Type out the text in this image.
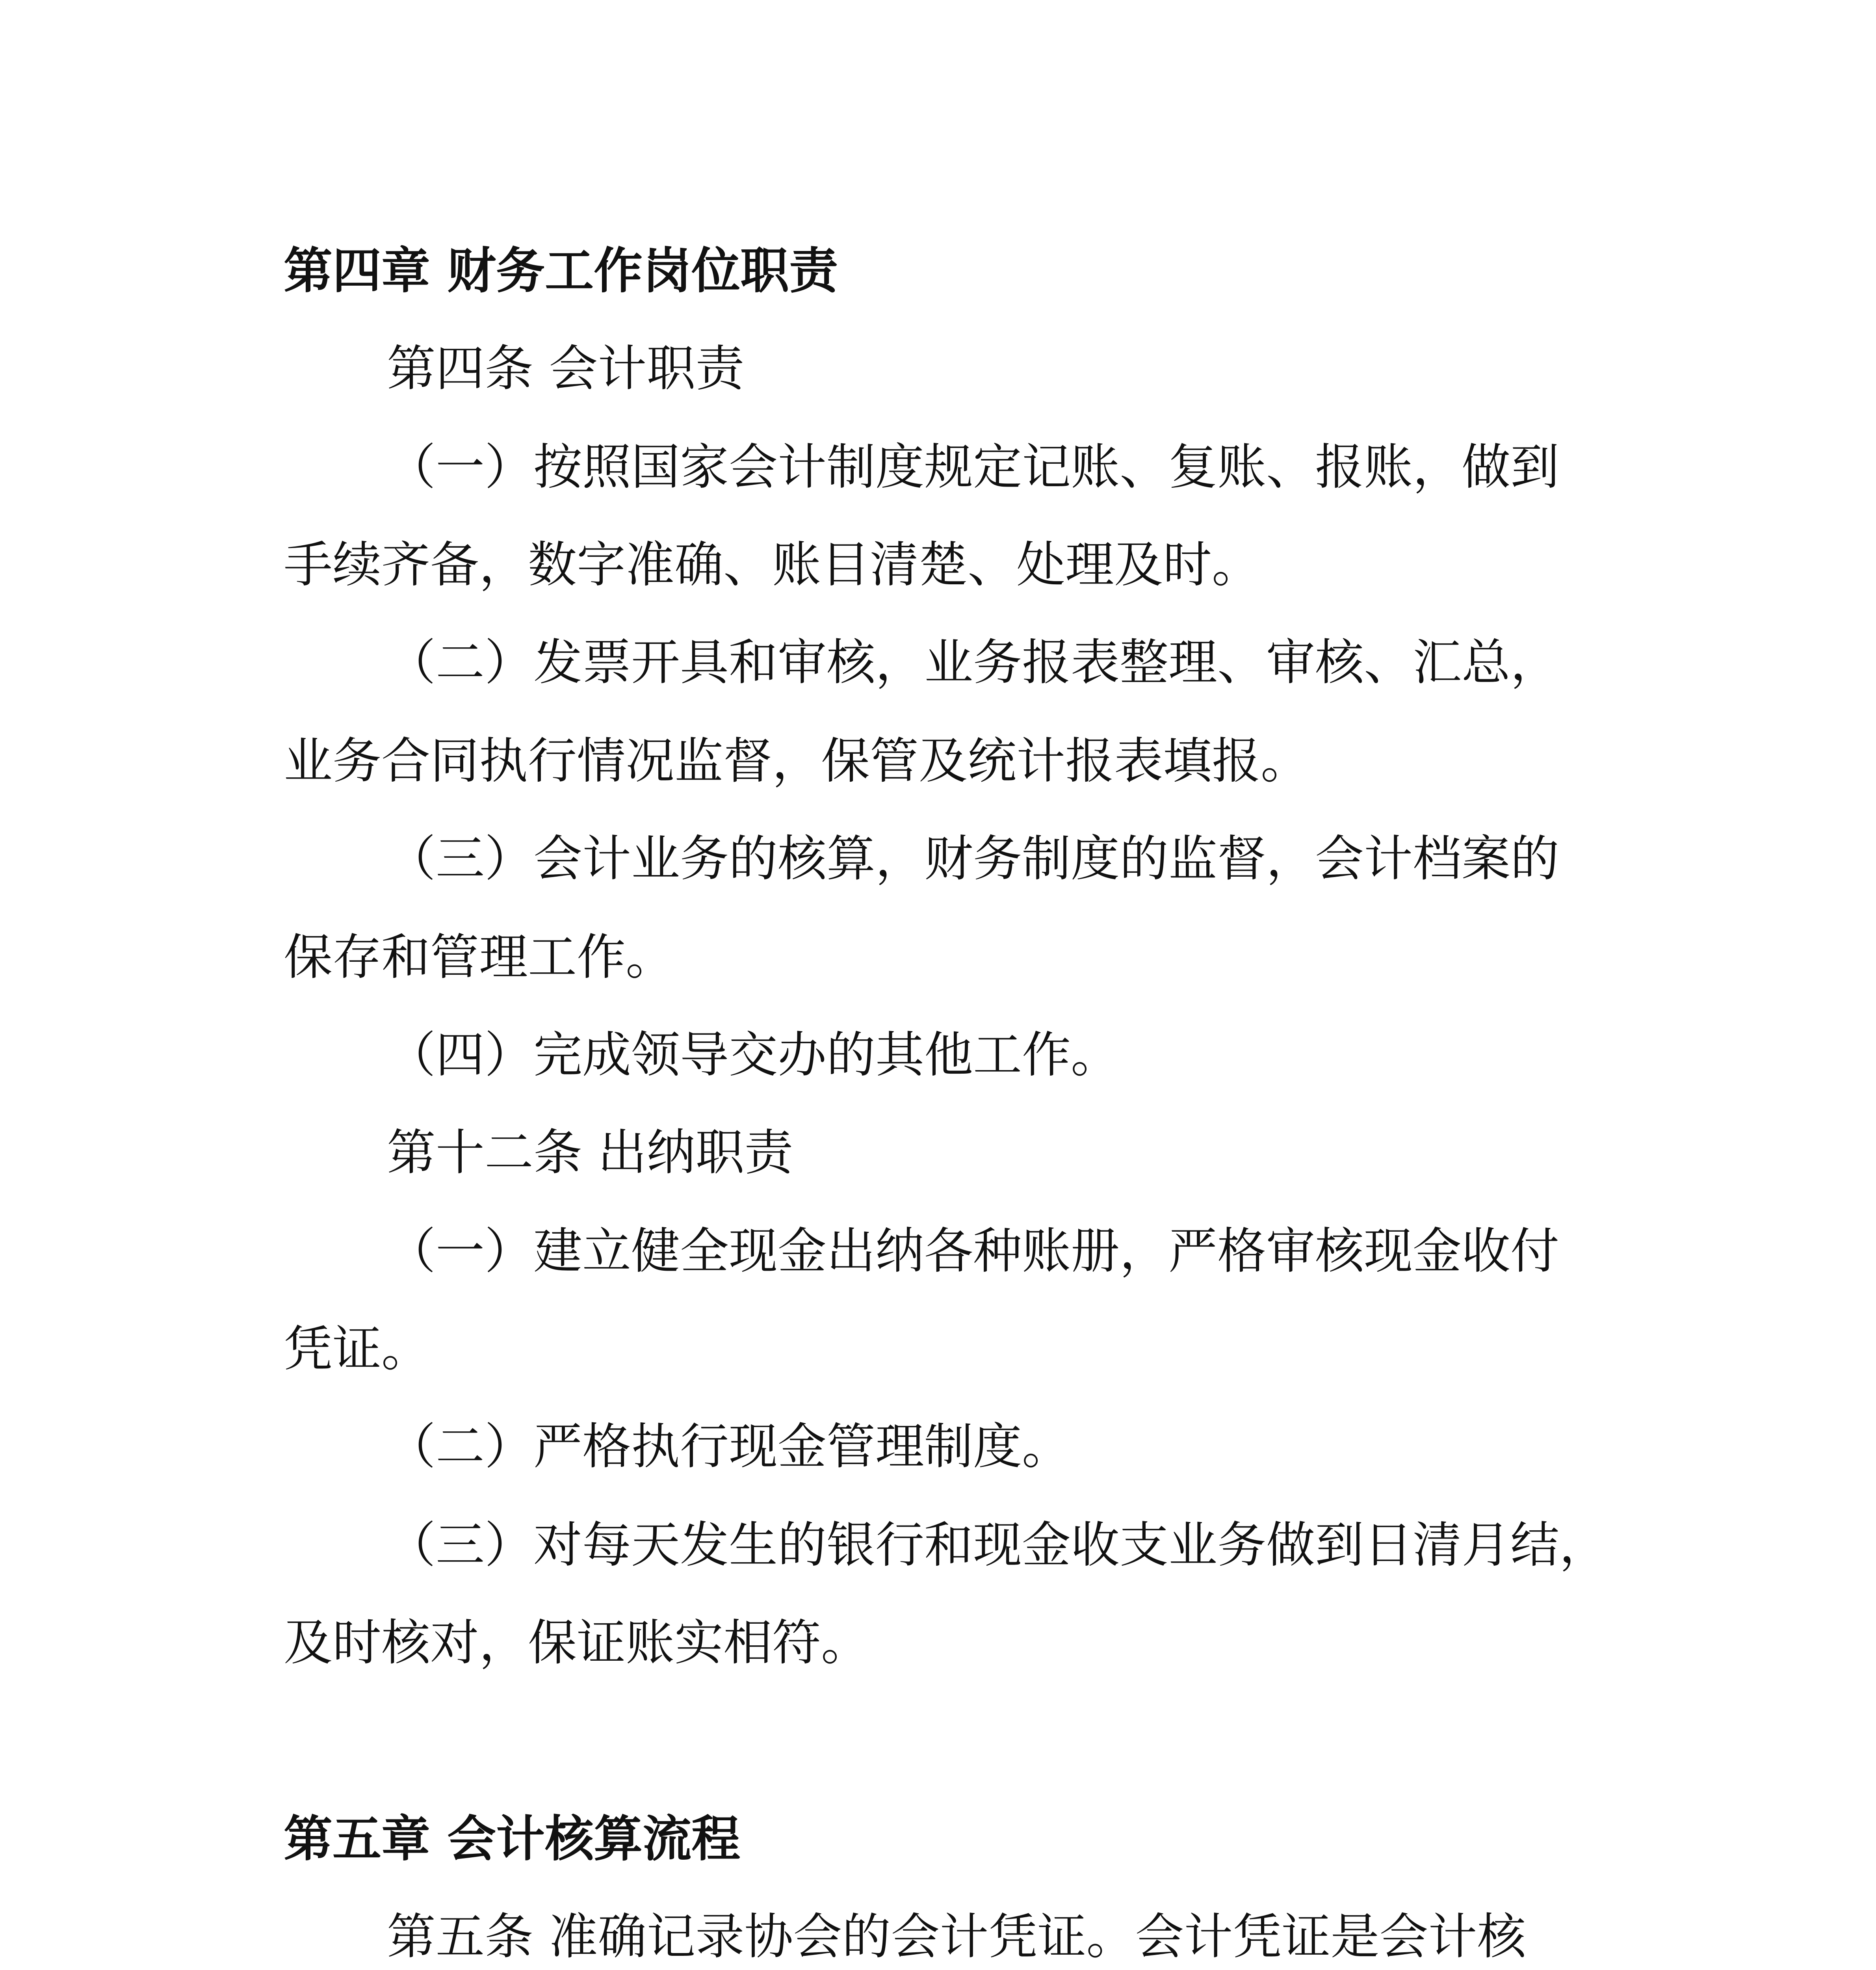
第四章 财务工作岗位职责
第四条 会计职责
（一）按照国家会计制度规定记账、复账、报账，做到
手续齐备，数字准确、账目清楚、处理及时。
（二）发票开具和审核，业务报表整理、审核、汇总，
业务合同执行情况监督，保管及统计报表填报。
（三）会计业务的核算，财务制度的监督，会计档案的
保存和管理工作。
（四）完成领导交办的其他工作。
第十二条 出纳职责
（一）建立健全现金出纳各种账册，严格审核现金收付
凭证。
（二）严格执行现金管理制度。
（三）对每天发生的银行和现金收支业务做到日清月结，
及时核对，保证账实相符。
第五章 会计核算流程
第五条 准确记录协会的会计凭证。会计凭证是会计核
